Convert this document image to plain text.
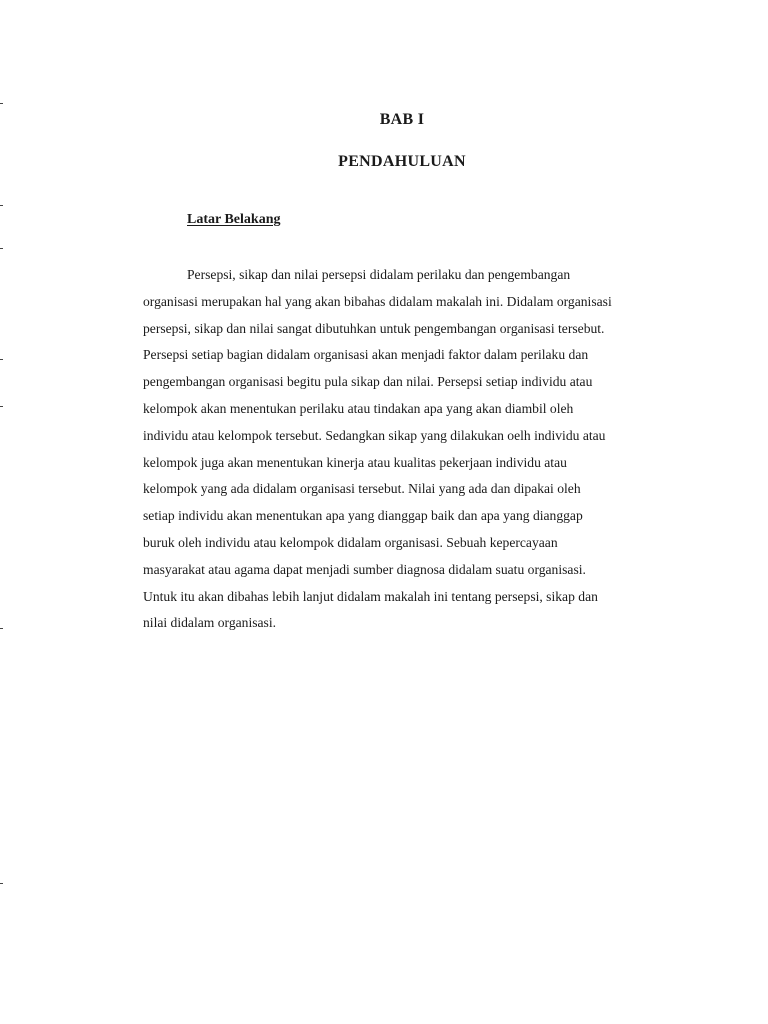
BAB I
PENDAHULUAN
Latar Belakang

Persepsi, sikap dan nilai persepsi didalam perilaku dan pengembangan
organisasi merupakan hal yang akan bibahas didalam makalah ini. Didalam organisasi
persepsi, sikap dan nilai sangat dibutuhkan untuk pengembangan organisasi tersebut.
Persepsi setiap bagian didalam organisasi akan menjadi faktor dalam perilaku dan
pengembangan organisasi begitu pula sikap dan nilai. Persepsi setiap individu atau
kelompok akan menentukan perilaku atau tindakan apa yang akan diambil oleh
individu atau kelompok tersebut. Sedangkan sikap yang dilakukan oelh individu atau
kelompok juga akan menentukan kinerja atau kualitas pekerjaan individu atau
kelompok yang ada didalam organisasi tersebut. Nilai yang ada dan dipakai oleh
setiap individu akan menentukan apa yang dianggap baik dan apa yang dianggap
buruk oleh individu atau kelompok didalam organisasi. Sebuah kepercayaan
masyarakat atau agama dapat menjadi sumber diagnosa didalam suatu organisasi.
Untuk itu akan dibahas lebih lanjut didalam makalah ini tentang persepsi, sikap dan
nilai didalam organisasi.
